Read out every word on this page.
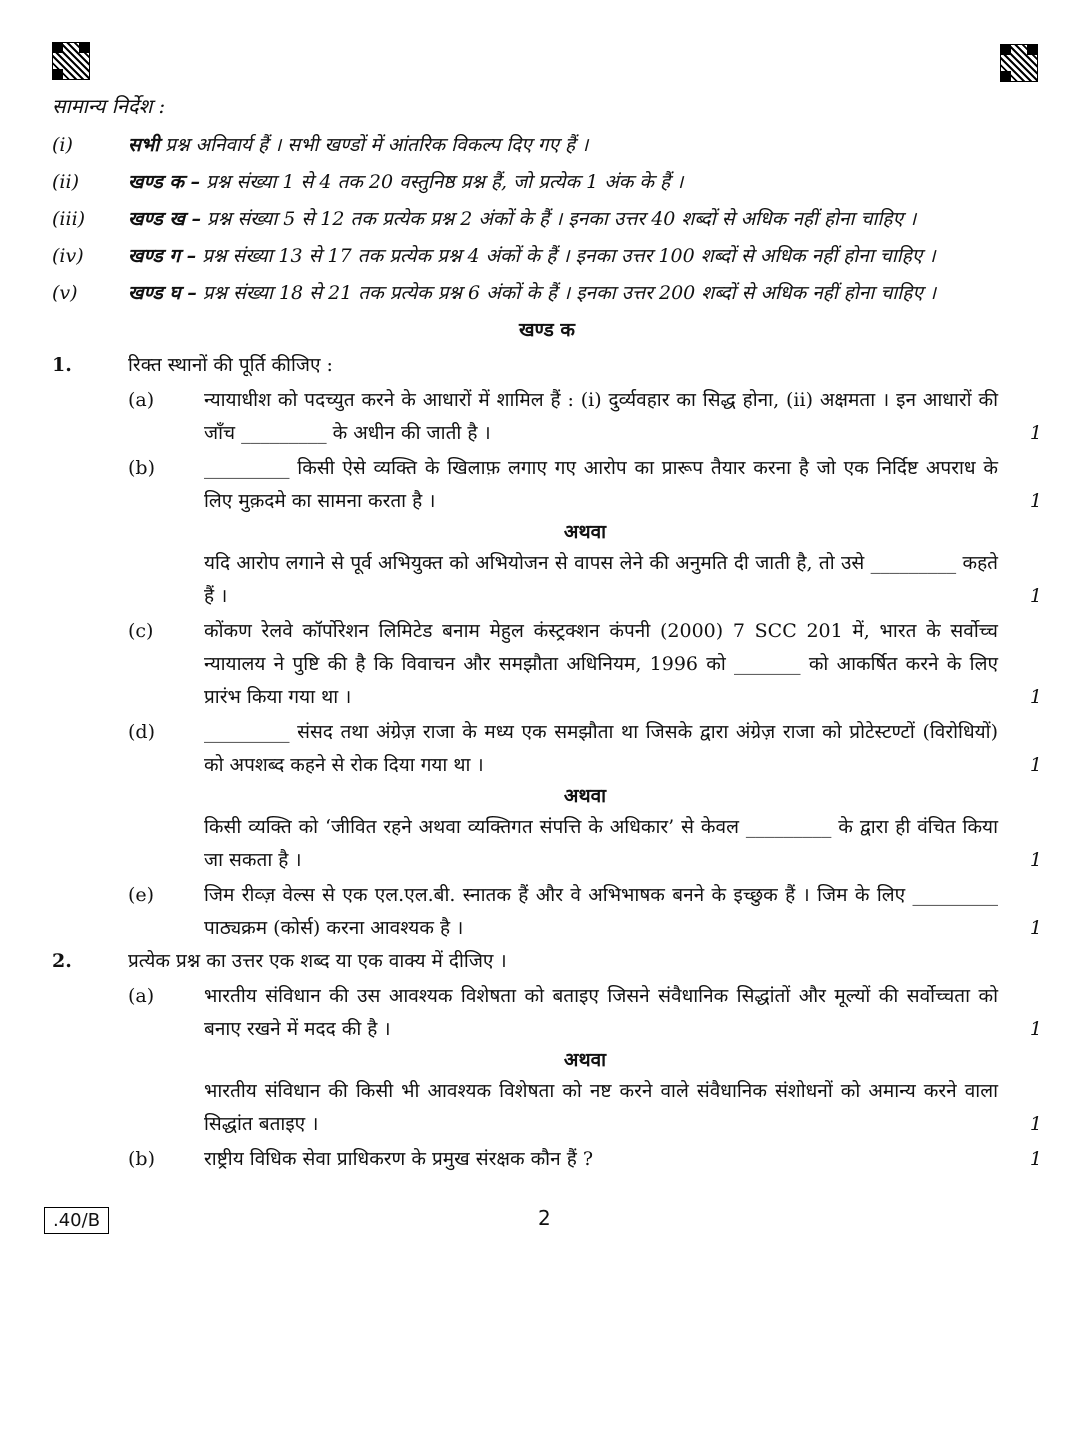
सामान्य निर्देश :
(i)	सभी प्रश्न अनिवार्य हैं । सभी खण्डों में आंतरिक विकल्प दिए गए हैं ।
(ii)	खण्ड क – प्रश्न संख्या 1 से 4 तक 20 वस्तुनिष्ठ प्रश्न हैं, जो प्रत्येक 1 अंक के हैं ।
(iii)	खण्ड ख – प्रश्न संख्या 5 से 12 तक प्रत्येक प्रश्न 2 अंकों के हैं । इनका उत्तर 40 शब्दों से अधिक नहीं होना चाहिए ।
(iv)	खण्ड ग – प्रश्न संख्या 13 से 17 तक प्रत्येक प्रश्न 4 अंकों के हैं । इनका उत्तर 100 शब्दों से अधिक नहीं होना चाहिए ।
(v)	खण्ड घ – प्रश्न संख्या 18 से 21 तक प्रत्येक प्रश्न 6 अंकों के हैं । इनका उत्तर 200 शब्दों से अधिक नहीं होना चाहिए ।
खण्ड क
1.	रिक्त स्थानों की पूर्ति कीजिए :
(a)	न्यायाधीश को पदच्युत करने के आधारों में शामिल हैं : (i) दुर्व्यवहार का सिद्ध होना, (ii) अक्षमता । इन आधारों की जाँच _________ के अधीन की जाती है ।	1
(b)	_________ किसी ऐसे व्यक्ति के खिलाफ़ लगाए गए आरोप का प्रारूप तैयार करना है जो एक निर्दिष्ट अपराध के लिए मुक़दमे का सामना करता है ।	1
अथवा
यदि आरोप लगाने से पूर्व अभियुक्त को अभियोजन से वापस लेने की अनुमति दी जाती है, तो उसे _________ कहते हैं ।	1
(c)	कोंकण रेलवे कॉर्पोरेशन लिमिटेड बनाम मेहुल कंस्ट्रक्शन कंपनी (2000) 7 SCC 201 में, भारत के सर्वोच्च न्यायालय ने पुष्टि की है कि विवाचन और समझौता अधिनियम, 1996 को _______ को आकर्षित करने के लिए प्रारंभ किया गया था ।	1
(d)	_________ संसद तथा अंग्रेज़ राजा के मध्य एक समझौता था जिसके द्वारा अंग्रेज़ राजा को प्रोटेस्टण्टों (विरोधियों) को अपशब्द कहने से रोक दिया गया था ।	1
अथवा
किसी व्यक्ति को ‘जीवित रहने अथवा व्यक्तिगत संपत्ति के अधिकार’ से केवल _________ के द्वारा ही वंचित किया जा सकता है ।	1
(e)	जिम रीव्ज़ वेल्स से एक एल.एल.बी. स्नातक हैं और वे अभिभाषक बनने के इच्छुक हैं । जिम के लिए _________ पाठ्यक्रम (कोर्स) करना आवश्यक है ।	1
2.	प्रत्येक प्रश्न का उत्तर एक शब्द या एक वाक्य में दीजिए ।
(a)	भारतीय संविधान की उस आवश्यक विशेषता को बताइए जिसने संवैधानिक सिद्धांतों और मूल्यों की सर्वोच्चता को बनाए रखने में मदद की है ।	1
अथवा
भारतीय संविधान की किसी भी आवश्यक विशेषता को नष्ट करने वाले संवैधानिक संशोधनों को अमान्य करने वाला सिद्धांत बताइए ।	1
(b)	राष्ट्रीय विधिक सेवा प्राधिकरण के प्रमुख संरक्षक कौन हैं ?	1
.40/B	2
